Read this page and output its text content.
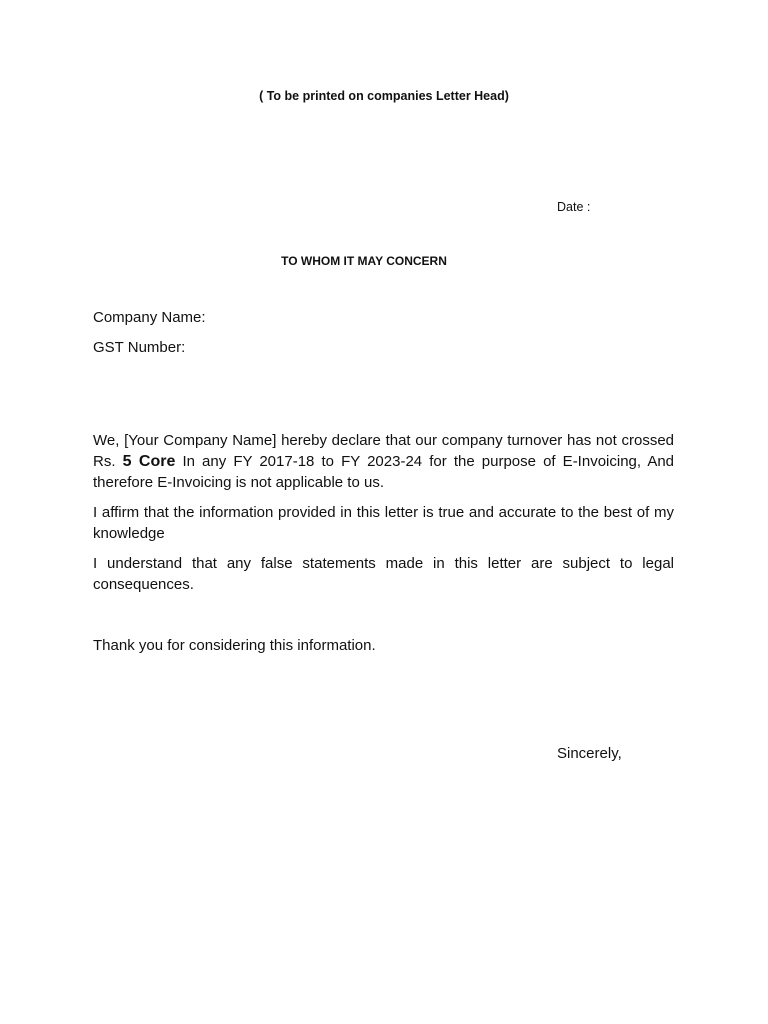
( To be printed on companies Letter Head)
Date :
TO WHOM IT MAY CONCERN
Company Name:
GST Number:

We, [Your Company Name] hereby declare that our company turnover has not crossed Rs. 5 Core In any FY 2017-18 to FY 2023-24 for the purpose of E-Invoicing, And therefore E-Invoicing is not applicable to us.

I affirm that the information provided in this letter is true and accurate to the best of my knowledge

I understand that any false statements made in this letter are subject to legal consequences.

Thank you for considering this information.

Sincerely,
